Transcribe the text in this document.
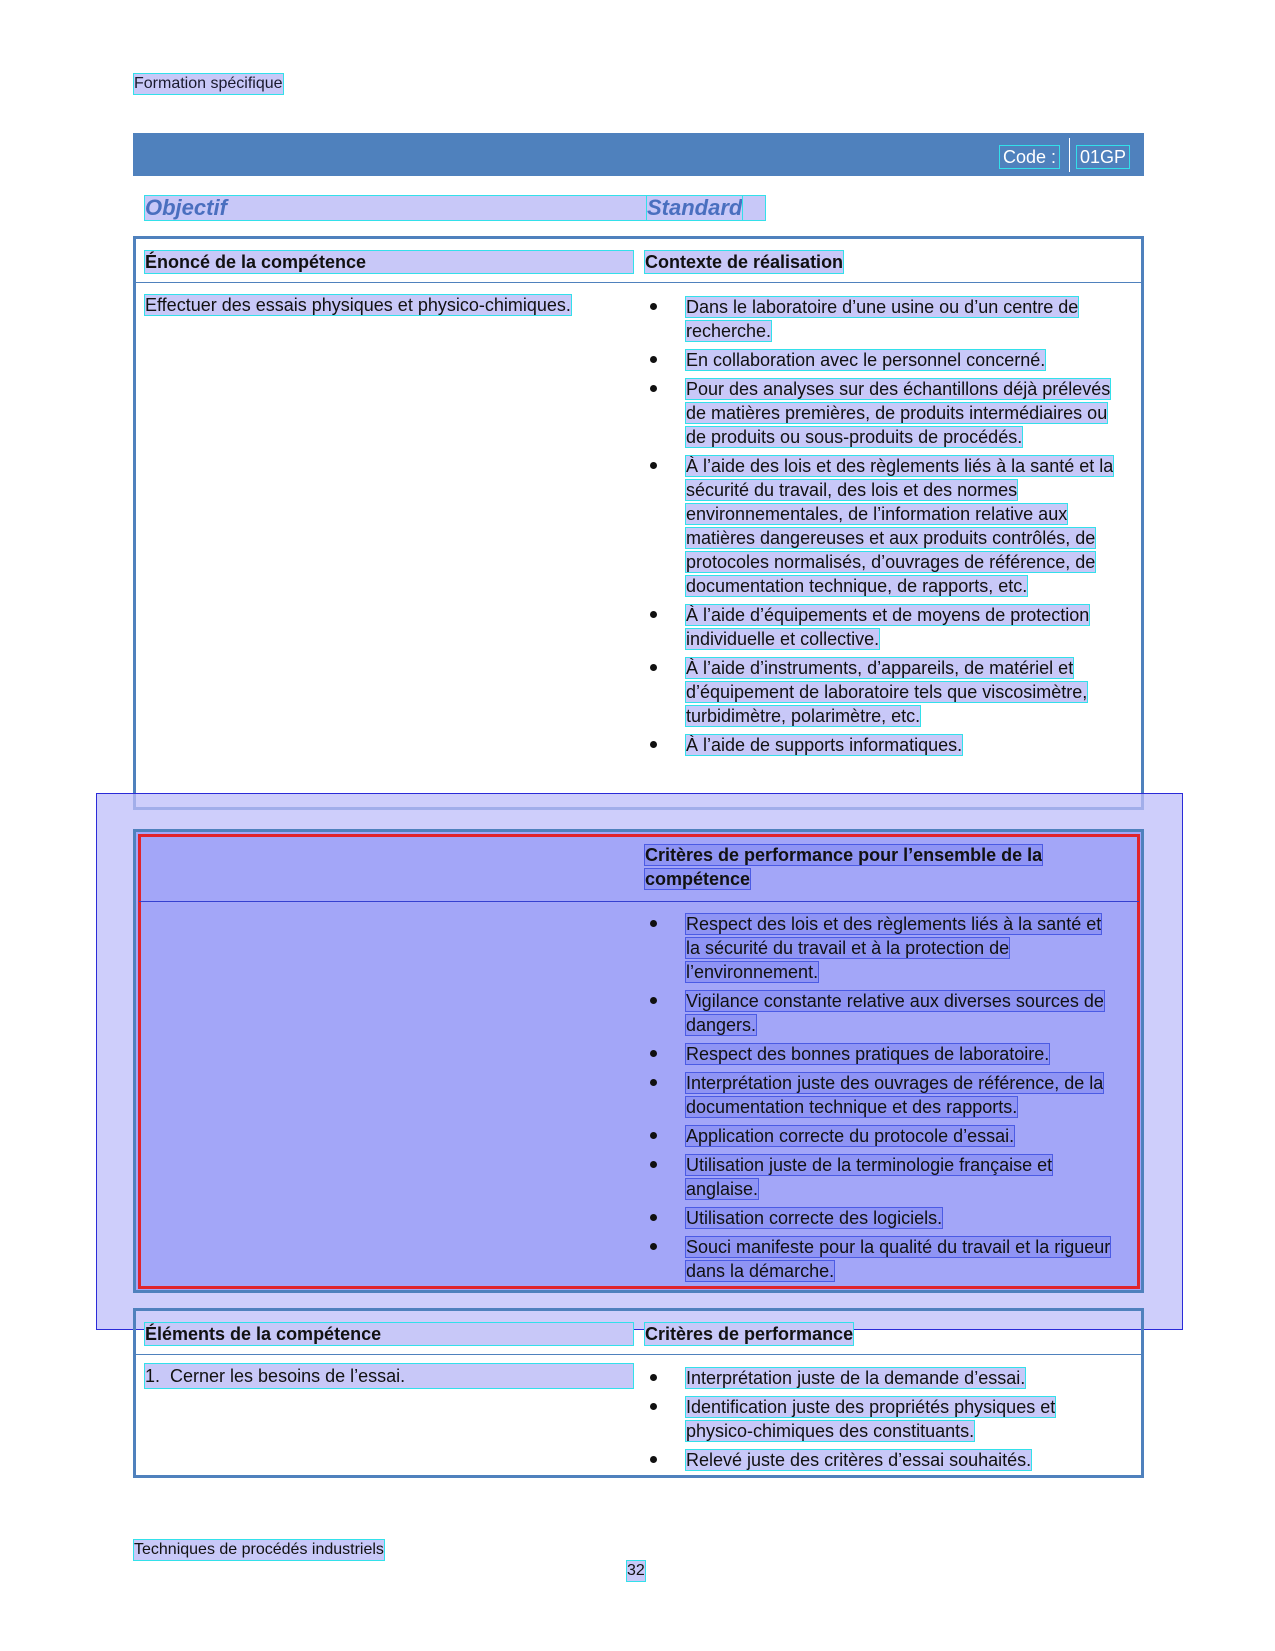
Formation spécifique
Code : 01GP
Objectif	Standard
Énoncé de la compétence	Contexte de réalisation
Effectuer des essais physiques et physico-chimiques.	Dans le laboratoire d’une usine ou d’un centre de recherche.
En collaboration avec le personnel concerné.
Pour des analyses sur des échantillons déjà prélevés de matières premières, de produits intermédiaires ou de produits ou sous-produits de procédés.
À l’aide des lois et des règlements liés à la santé et la sécurité du travail, des lois et des normes environnementales, de l’information relative aux matières dangereuses et aux produits contrôlés, de protocoles normalisés, d’ouvrages de référence, de documentation technique, de rapports, etc.
À l’aide d’équipements et de moyens de protection individuelle et collective.
À l’aide d’instruments, d’appareils, de matériel et d’équipement de laboratoire tels que viscosimètre, turbidimètre, polarimètre, etc.
À l’aide de supports informatiques.
Critères de performance pour l’ensemble de la compétence
Respect des lois et des règlements liés à la santé et la sécurité du travail et à la protection de l’environnement.
Vigilance constante relative aux diverses sources de dangers.
Respect des bonnes pratiques de laboratoire.
Interprétation juste des ouvrages de référence, de la documentation technique et des rapports.
Application correcte du protocole d’essai.
Utilisation juste de la terminologie française et anglaise.
Utilisation correcte des logiciels.
Souci manifeste pour la qualité du travail et la rigueur dans la démarche.
Éléments de la compétence	Critères de performance
1.  Cerner les besoins de l’essai.	Interprétation juste de la demande d’essai.
Identification juste des propriétés physiques et physico-chimiques des constituants.
Relevé juste des critères d’essai souhaités.
Techniques de procédés industriels
32
